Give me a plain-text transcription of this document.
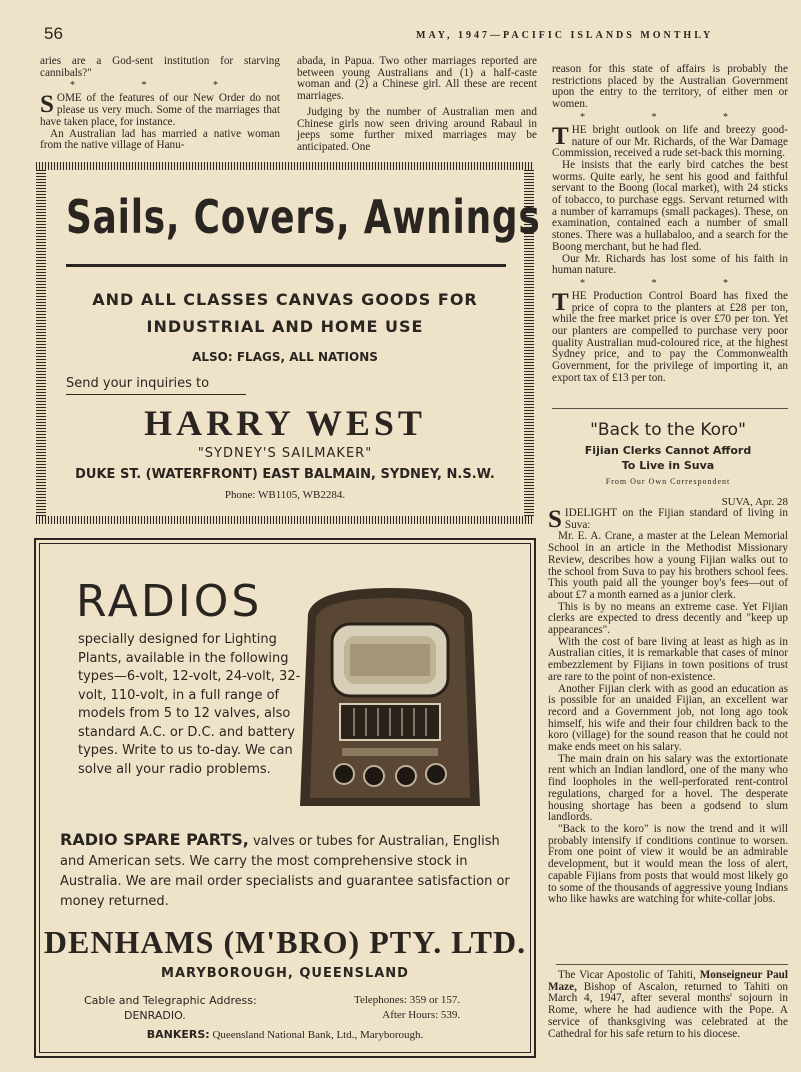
56	MAY, 1947—PACIFIC ISLANDS MONTHLY

aries are a God-sent institution for starving cannibals?"

* * *

SOME of the features of our New Order do not please us very much. Some of the marriages that have taken place, for instance.

An Australian lad has married a native woman from the native village of Hanu-

abada, in Papua. Two other marriages reported are between young Australians and (1) a half-caste woman and (2) a Chinese girl. All these are recent marriages.

Judging by the number of Australian men and Chinese girls now seen driving around Rabaul in jeeps some further mixed marriages may be anticipated. One

reason for this state of affairs is probably the restrictions placed by the Australian Government upon the entry to the territory, of either men or women.

* * *

THE bright outlook on life and breezy good-nature of our Mr. Richards, of the War Damage Commission, received a rude set-back this morning.

He insists that the early bird catches the best worms. Quite early, he sent his good and faithful servant to the Boong (local market), with 24 sticks of tobacco, to purchase eggs. Servant returned with a number of karramups (small packages). These, on examination, contained each a number of small stones. There was a hullabaloo, and a search for the Boong merchant, but he had fled.

Our Mr. Richards has lost some of his faith in human nature.

* * *

THE Production Control Board has fixed the price of copra to the planters at £28 per ton, while the free market price is over £70 per ton. Yet our planters are compelled to purchase very poor quality Australian mud-coloured rice, at the highest Sydney price, and to pay the Commonwealth Government, for the privilege of importing it, an export tax of £13 per ton.

"Back to the Koro"
Fijian Clerks Cannot Afford
To Live in Suva
From Our Own Correspondent
SUVA, Apr. 28

SIDELIGHT on the Fijian standard of living in Suva:

Mr. E. A. Crane, a master at the Lelean Memorial School in an article in the Methodist Missionary Review, describes how a young Fijian walks out to the school from Suva to pay his brothers school fees. This youth paid all the younger boy's fees—out of about £7 a month earned as a junior clerk.

This is by no means an extreme case. Yet Fijian clerks are expected to dress decently and "keep up appearances".

With the cost of bare living at least as high as in Australian cities, it is remarkable that cases of minor embezzlement by Fijians in town positions of trust are rare to the point of non-existence.

Another Fijian clerk with as good an education as is possible for an unaided Fijian, an excellent war record and a Government job, not long ago took himself, his wife and their four children back to the koro (village) for the sound reason that he could not make ends meet on his salary.

The main drain on his salary was the extortionate rent which an Indian landlord, one of the many who find loopholes in the well-perforated rent-control regulations, charged for a hovel. The desperate housing shortage has been a godsend to slum landlords.

"Back to the koro" is now the trend and it will probably intensify if conditions continue to worsen. From one point of view it would be an admirable development, but it would mean the loss of alert, capable Fijians from posts that would most likely go to some of the thousands of aggressive young Indians who like hawks are watching for white-collar jobs.

The Vicar Apostolic of Tahiti, Monseigneur Paul Maze, Bishop of Ascalon, returned to Tahiti on March 4, 1947, after several months' sojourn in Rome, where he had audience with the Pope. A service of thanksgiving was celebrated at the Cathedral for his safe return to his diocese.

Sails, Covers, Awnings
AND ALL CLASSES CANVAS GOODS FOR
INDUSTRIAL AND HOME USE
ALSO: FLAGS, ALL NATIONS
Send your inquiries to
HARRY WEST
"SYDNEY'S SAILMAKER"
DUKE ST. (WATERFRONT) EAST BALMAIN, SYDNEY, N.S.W.
Phone: WB1105, WB2284.
RADIOS
specially designed for Lighting Plants, available in the following types—6-volt, 12-volt, 24-volt, 32-volt, 110-volt, in a full range of models from 5 to 12 valves, also standard A.C. or D.C. and battery types. Write to us to-day. We can solve all your radio problems.
RADIO SPARE PARTS, valves or tubes for Australian, English and American sets. We carry the most comprehensive stock in Australia. We are mail order specialists and guarantee satisfaction or money returned.
DENHAMS (M'BRO) PTY. LTD.
MARYBOROUGH, QUEENSLAND
Cable and Telegraphic Address:
DENRADIO.
Telephones: 359 or 157.
After Hours: 539.
BANKERS: Queensland National Bank, Ltd., Maryborough.
